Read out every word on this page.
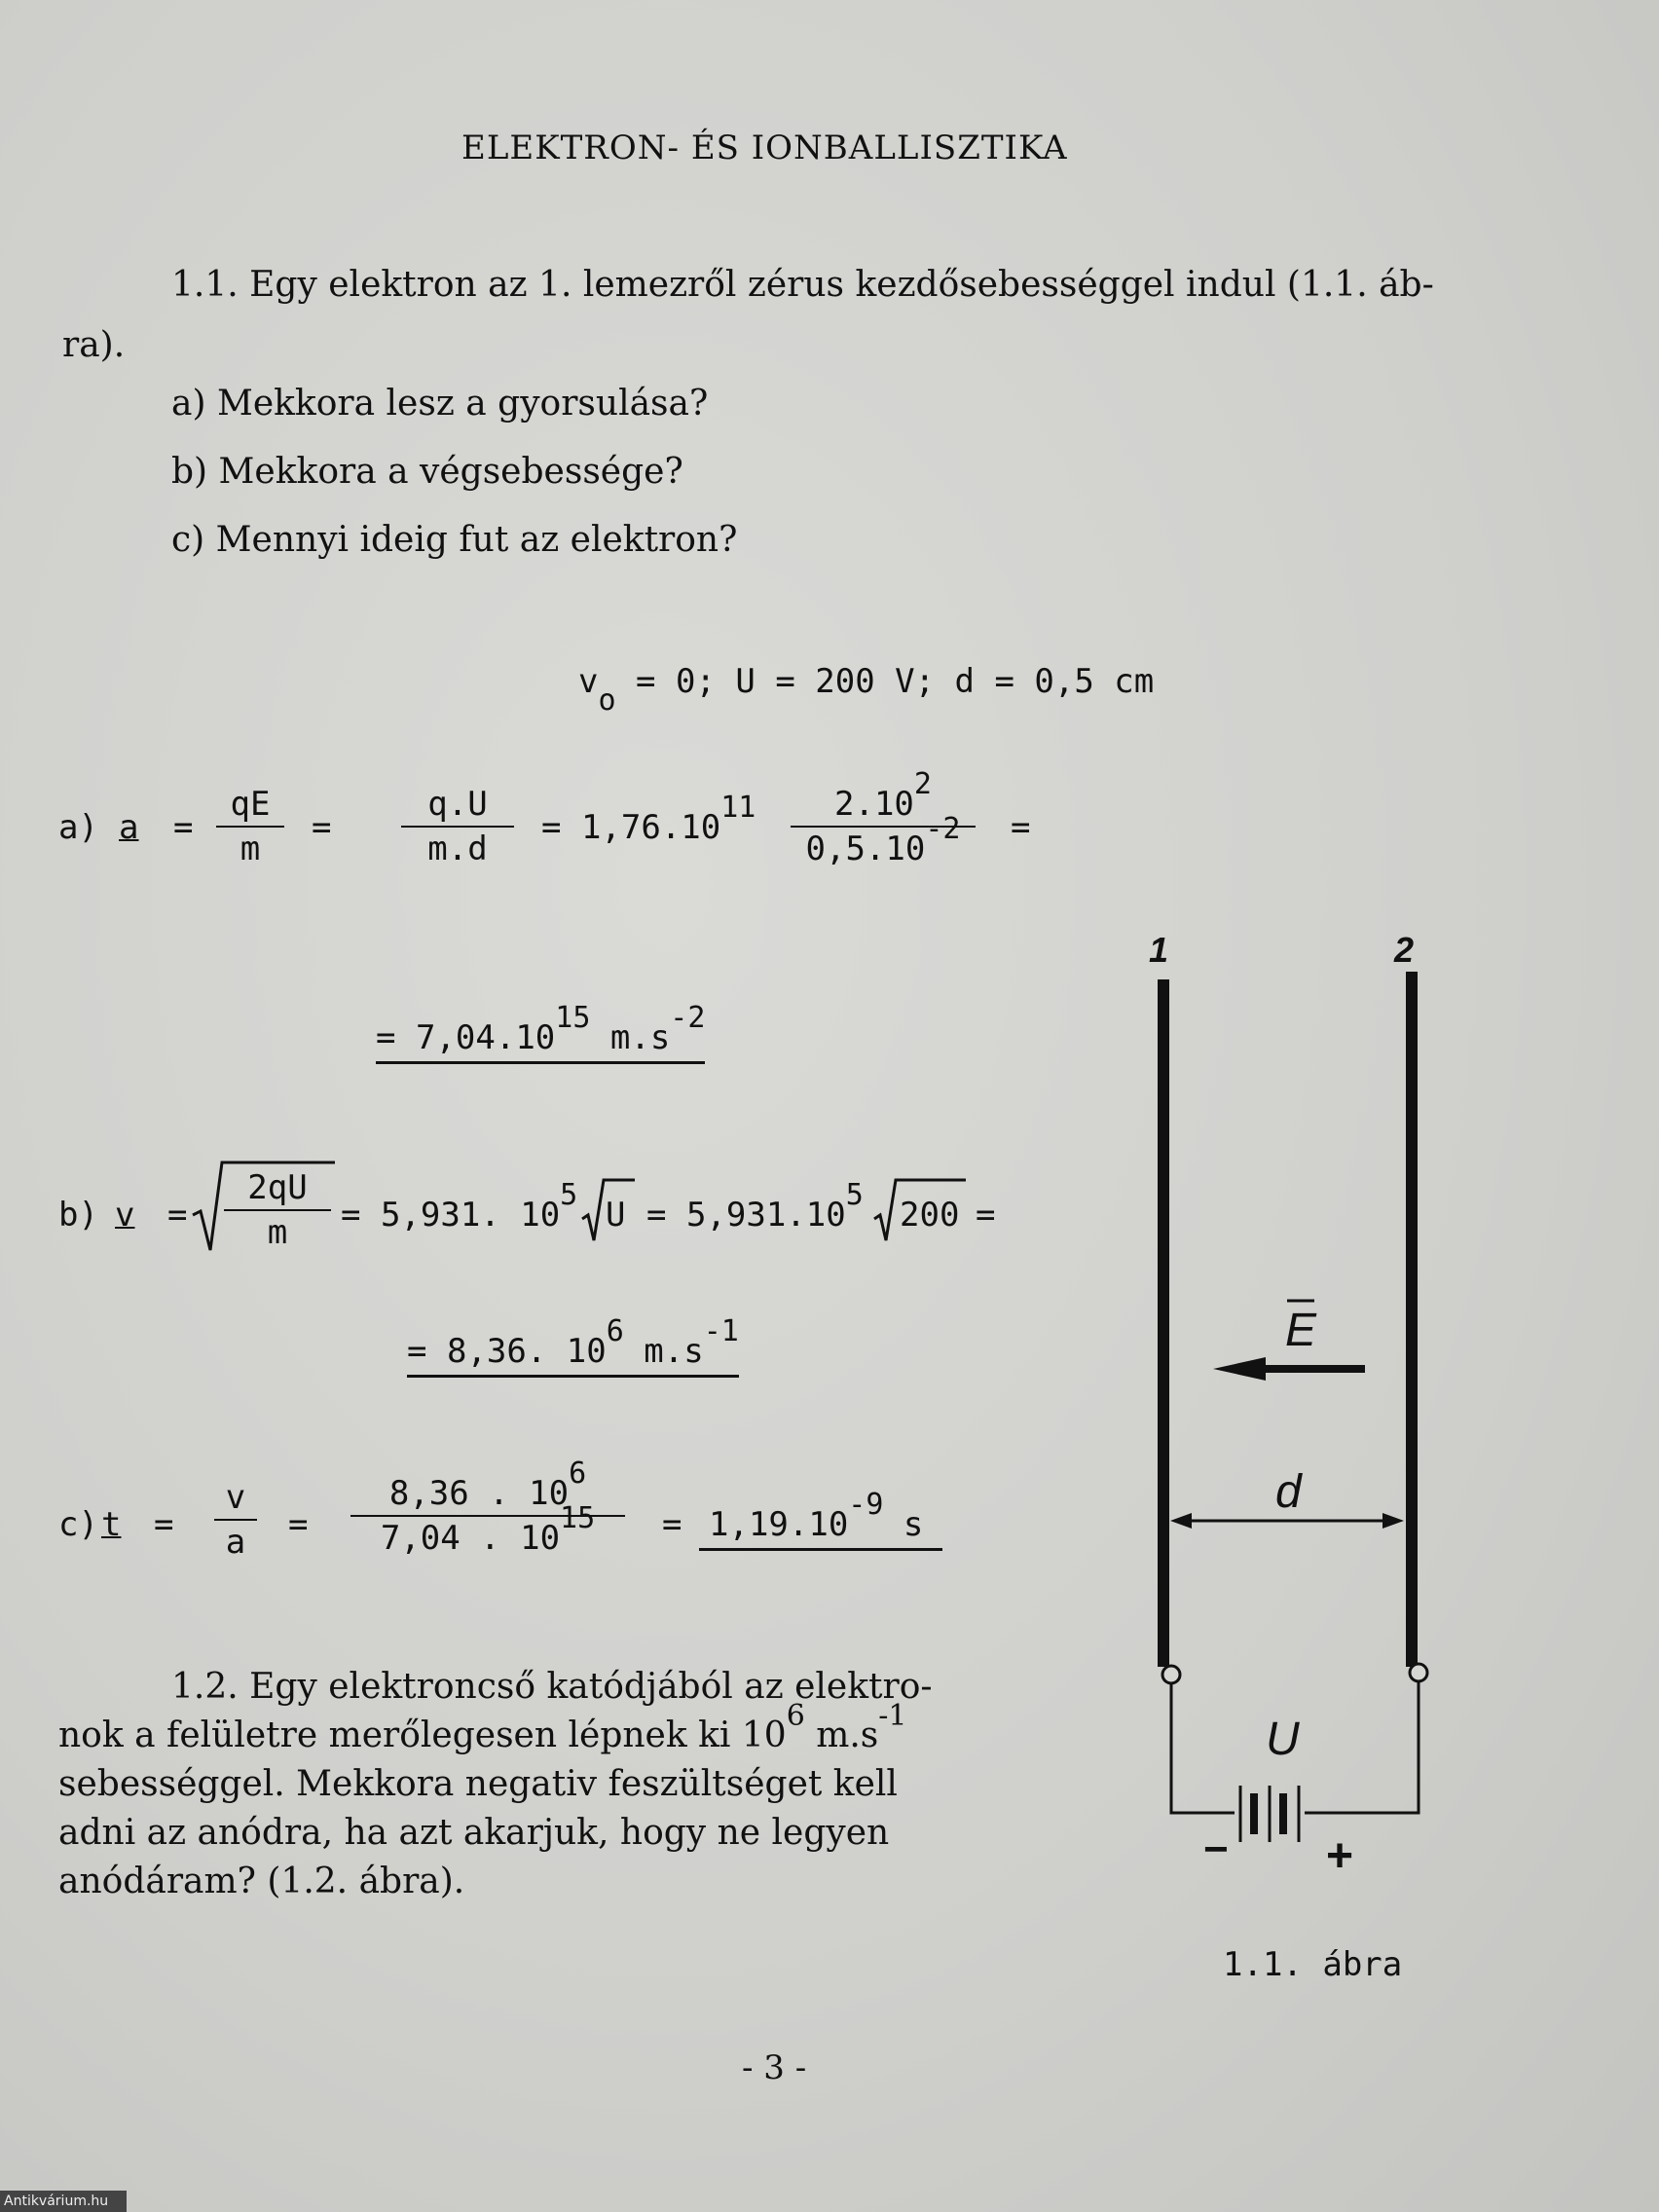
ELEKTRON- ÉS IONBALLISZTIKA
1.1. Egy elektron az 1. lemezről zérus kezdősebességgel indul (1.1. áb-
ra).
a) Mekkora lesz a gyorsulása?
b) Mekkora a végsebessége?
c) Mennyi ideig fut az elektron?
vo = 0; U = 200 V; d = 0,5 cm
a) a =
qE
m
=
q.U
m.d
= 1,76.1011	2.102
0,5.10-2	=
= 7,04.1015 m.s-2
b) v =
2qU
m	= 5,931. 105
U = 5,931.105
200 =
= 8,36. 106 m.s-1
c) t =
v
a	=
8,36 . 106
7,04 . 1015	= 1,19.10-9 s
1.2. Egy elektroncső katódjából az elektro-
nok a felületre merőlegesen lépnek ki $10^6$ $m.s^{-1}$
sebességgel. Mekkora negativ feszültséget kell
adni az anódra, ha azt akarjuk, hogy ne legyen
anódáram? (1.2. ábra).
1	2
E
d
U
− +
1.1. ábra
- 3 -
Antikvárium.hu
